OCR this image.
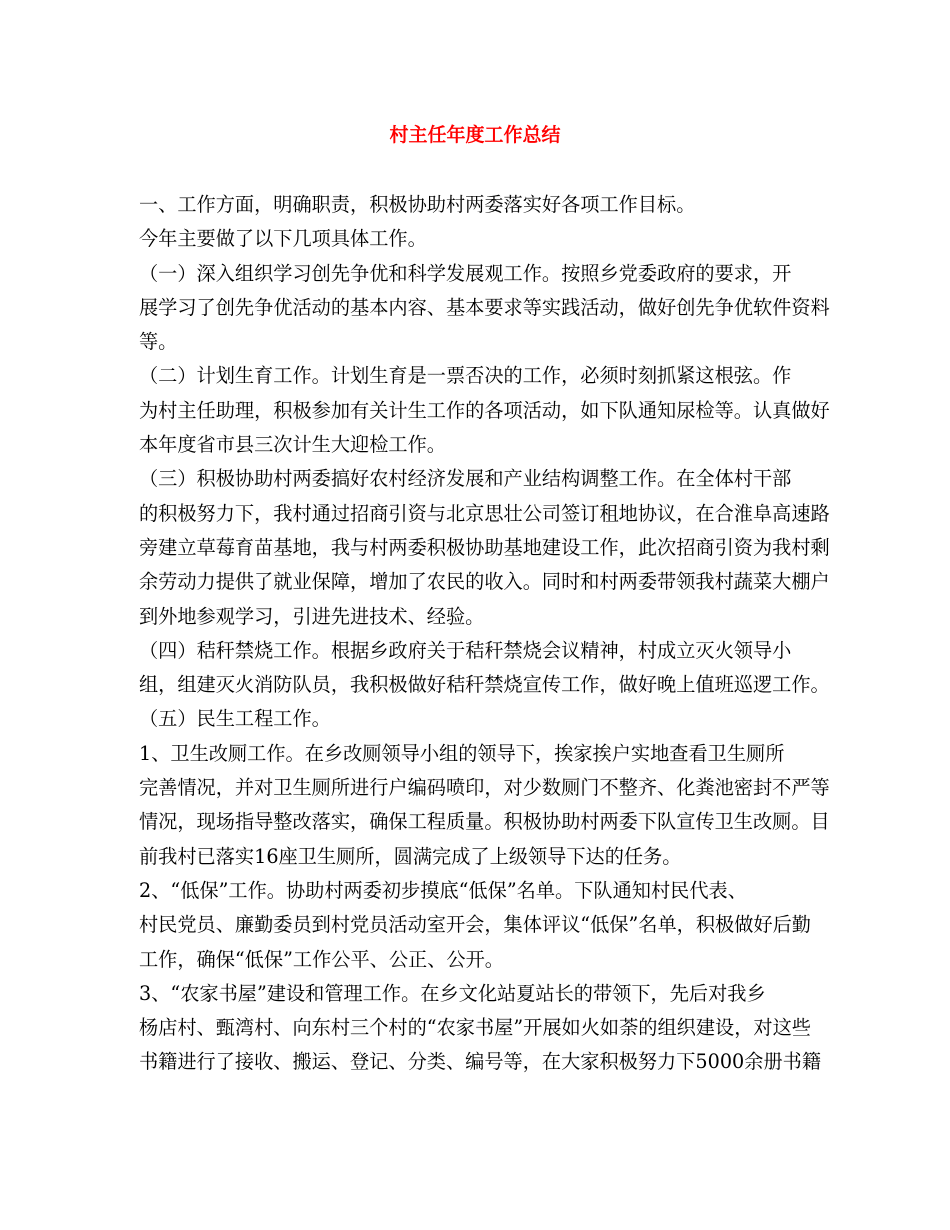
村主任年度工作总结

一、工作方面，明确职责，积极协助村两委落实好各项工作目标。

今年主要做了以下几项具体工作。

（一）深入组织学习创先争优和科学发展观工作。按照乡党委政府的要求，开
展学习了创先争优活动的基本内容、基本要求等实践活动，做好创先争优软件资料
等。

（二）计划生育工作。计划生育是一票否决的工作，必须时刻抓紧这根弦。作
为村主任助理，积极参加有关计生工作的各项活动，如下队通知尿检等。认真做好
本年度省市县三次计生大迎检工作。

（三）积极协助村两委搞好农村经济发展和产业结构调整工作。在全体村干部
的积极努力下，我村通过招商引资与北京思壮公司签订租地协议，在合淮阜高速路
旁建立草莓育苗基地，我与村两委积极协助基地建设工作，此次招商引资为我村剩
余劳动力提供了就业保障，增加了农民的收入。同时和村两委带领我村蔬菜大棚户
到外地参观学习，引进先进技术、经验。

（四）秸秆禁烧工作。根据乡政府关于秸秆禁烧会议精神，村成立灭火领导小
组，组建灭火消防队员，我积极做好秸秆禁烧宣传工作，做好晚上值班巡逻工作。

（五）民生工程工作。

1、卫生改厕工作。在乡改厕领导小组的领导下，挨家挨户实地查看卫生厕所
完善情况，并对卫生厕所进行户编码喷印，对少数厕门不整齐、化粪池密封不严等
情况，现场指导整改落实，确保工程质量。积极协助村两委下队宣传卫生改厕。目
前我村已落实16座卫生厕所，圆满完成了上级领导下达的任务。

2、“低保”工作。协助村两委初步摸底“低保”名单。下队通知村民代表、
村民党员、廉勤委员到村党员活动室开会，集体评议“低保”名单，积极做好后勤
工作，确保“低保”工作公平、公正、公开。

3、“农家书屋”建设和管理工作。在乡文化站夏站长的带领下，先后对我乡
杨店村、甄湾村、向东村三个村的“农家书屋”开展如火如荼的组织建设，对这些
书籍进行了接收、搬运、登记、分类、编号等，在大家积极努力下5000余册书籍
